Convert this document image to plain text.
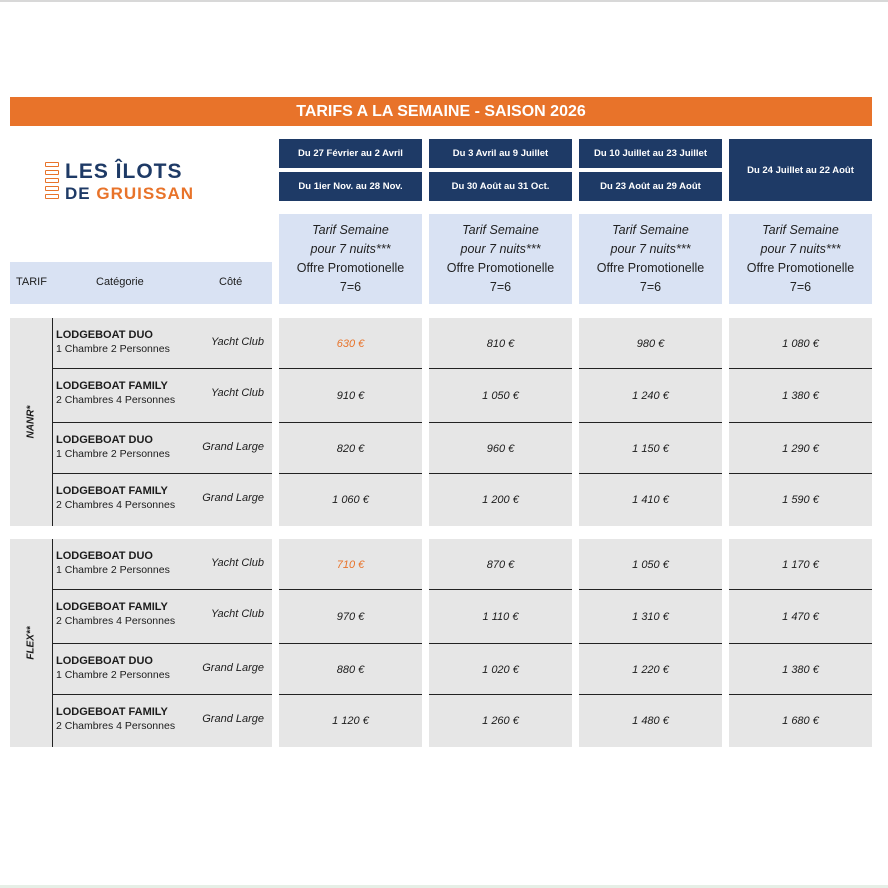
TARIFS A LA SEMAINE - SAISON 2026
LES ÎLOTS
DE GRUISSAN
Du 27 Février au 2 Avril
Du 1ier Nov. au 28 Nov.
Du 3 Avril au 9 Juillet
Du 30 Août au 31 Oct.
Du 10 Juillet au 23 Juillet
Du 23 Août au 29 Août
Du 24 Juillet au 22 Août
Tarif Semaine
pour 7 nuits***
Offre Promotionelle
7=6
Tarif Semaine
pour 7 nuits***
Offre Promotionelle
7=6
Tarif Semaine
pour 7 nuits***
Offre Promotionelle
7=6
Tarif Semaine
pour 7 nuits***
Offre Promotionelle
7=6
TARIF	Catégorie	Côté
NANR*
LODGEBOAT DUO
1 Chambre 2 Personnes
Yacht Club	630 €	810 €	980 €	1 080 €
LODGEBOAT FAMILY
2 Chambres 4 Personnes
Yacht Club	910 €	1 050 €	1 240 €	1 380 €
LODGEBOAT DUO
1 Chambre 2 Personnes
Grand Large	820 €	960 €	1 150 €	1 290 €
LODGEBOAT FAMILY
2 Chambres 4 Personnes
Grand Large	1 060 €	1 200 €	1 410 €	1 590 €
FLEX**
LODGEBOAT DUO
1 Chambre 2 Personnes
Yacht Club	710 €	870 €	1 050 €	1 170 €
LODGEBOAT FAMILY
2 Chambres 4 Personnes
Yacht Club	970 €	1 110 €	1 310 €	1 470 €
LODGEBOAT DUO
1 Chambre 2 Personnes
Grand Large	880 €	1 020 €	1 220 €	1 380 €
LODGEBOAT FAMILY
2 Chambres 4 Personnes
Grand Large	1 120 €	1 260 €	1 480 €	1 680 €
